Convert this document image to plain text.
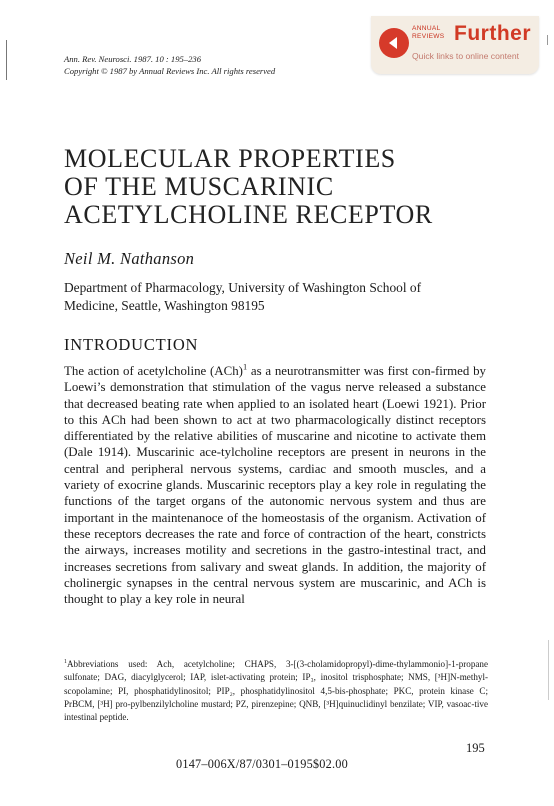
Ann. Rev. Neurosci. 1987. 10 : 195–236
Copyright © 1987 by Annual Reviews Inc. All rights reserved
ANNUAL
REVIEWS Further
Quick links to online content
MOLECULAR PROPERTIES
OF THE MUSCARINIC
ACETYLCHOLINE RECEPTOR
Neil M. Nathanson
Department of Pharmacology, University of Washington School of
Medicine, Seattle, Washington 98195
INTRODUCTION

The action of acetylcholine (ACh)$^1$ as a neurotransmitter was first con-firmed by Loewi’s demonstration that stimulation of the vagus nerve released a substance that decreased beating rate when applied to an isolated heart (Loewi 1921). Prior to this ACh had been shown to act at two pharmacologically distinct receptors differentiated by the relative abilities of muscarine and nicotine to activate them (Dale 1914). Muscarinic ace-tylcholine receptors are present in neurons in the central and peripheral nervous systems, cardiac and smooth muscles, and a variety of exocrine glands. Muscarinic receptors play a key role in regulating the functions of the target organs of the autonomic nervous system and thus are important in the maintenanoce of the homeostasis of the organism. Activation of these receptors decreases the rate and force of contraction of the heart, constricts the airways, increases motility and secretions in the gastro-intestinal tract, and increases secretions from salivary and sweat glands. In addition, the majority of cholinergic synapses in the central nervous system are muscarinic, and ACh is thought to play a key role in neural

$^1$Abbreviations used: Ach, acetylcholine; CHAPS, 3-[(3-cholamidopropyl)-dime-thylammonio]-1-propane sulfonate; DAG, diacylglycerol; IAP, islet-activating protein; IP₃, inositol trisphosphate; NMS, [³H]N-methyl-scopolamine; PI, phosphatidylinositol; PIP₂, phosphatidylinositol 4,5-bis-phosphate; PKC, protein kinase C; PrBCM, [³H] pro-pylbenzilylcholine mustard; PZ, pirenzepine; QNB, [³H]quinuclidinyl benzilate; VIP, vasoac-tive intestinal peptide.
195
0147–006X/87/0301–0195$02.00
